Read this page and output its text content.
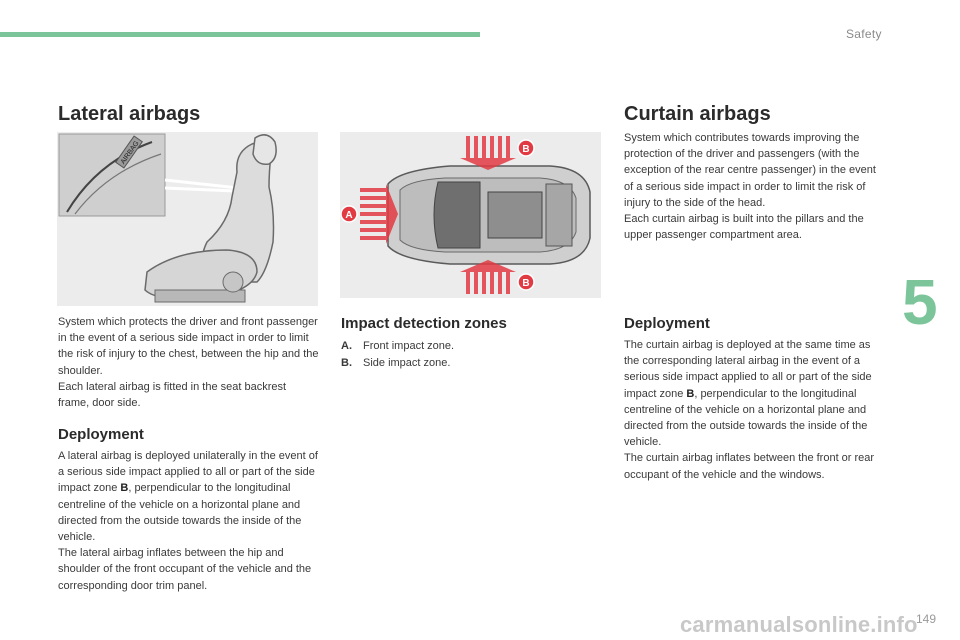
Safety
5
Lateral airbags
AIRBAG

System which protects the driver and front passenger in the event of a serious side impact in order to limit the risk of injury to the chest, between the hip and the shoulder.
Each lateral airbag is fitted in the seat backrest frame, door side.

Deployment

A lateral airbag is deployed unilaterally in the event of a serious side impact applied to all or part of the side impact zone B, perpendicular to the longitudinal centreline of the vehicle on a horizontal plane and directed from the outside towards the inside of the vehicle.
The lateral airbag inflates between the hip and shoulder of the front occupant of the vehicle and the corresponding door trim panel.

A
B
B
Impact detection zones
A.	Front impact zone.
B.	Side impact zone.
Curtain airbags

System which contributes towards improving the protection of the driver and passengers (with the exception of the rear centre passenger) in the event of a serious side impact in order to limit the risk of injury to the side of the head.
Each curtain airbag is built into the pillars and the upper passenger compartment area.

Deployment

The curtain airbag is deployed at the same time as the corresponding lateral airbag in the event of a serious side impact applied to all or part of the side impact zone B, perpendicular to the longitudinal centreline of the vehicle on a horizontal plane and directed from the outside towards the inside of the vehicle.
The curtain airbag inflates between the front or rear occupant of the vehicle and the windows.

carmanualsonline.info
149
